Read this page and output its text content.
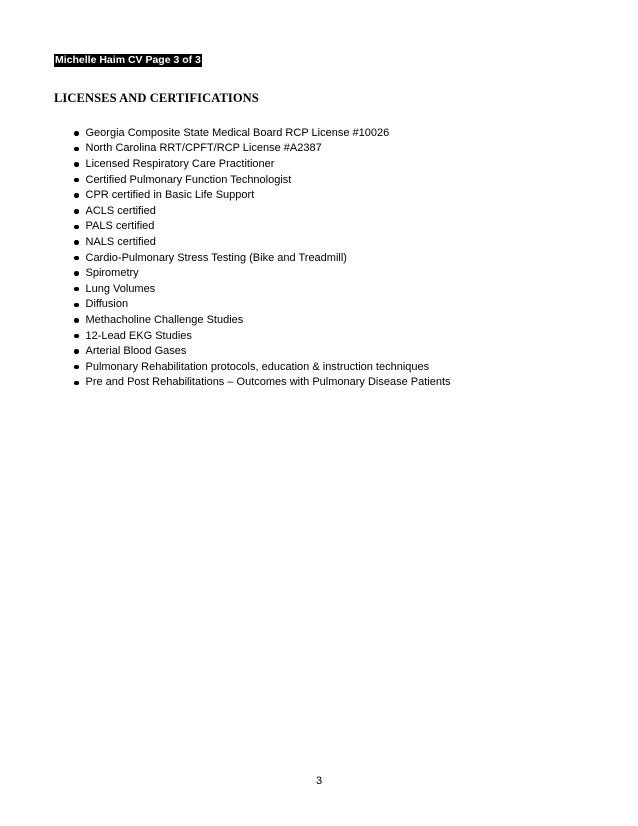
Michelle Haim CV Page 3 of 3
LICENSES AND CERTIFICATIONS
Georgia Composite State Medical Board RCP License #10026
North Carolina RRT/CPFT/RCP License #A2387
Licensed Respiratory Care Practitioner
Certified Pulmonary Function Technologist
CPR certified in Basic Life Support
ACLS certified
PALS certified
NALS certified
Cardio-Pulmonary Stress Testing (Bike and Treadmill)
Spirometry
Lung Volumes
Diffusion
Methacholine Challenge Studies
12-Lead EKG Studies
Arterial Blood Gases
Pulmonary Rehabilitation protocols, education & instruction techniques
Pre and Post Rehabilitations – Outcomes with Pulmonary Disease Patients
3
